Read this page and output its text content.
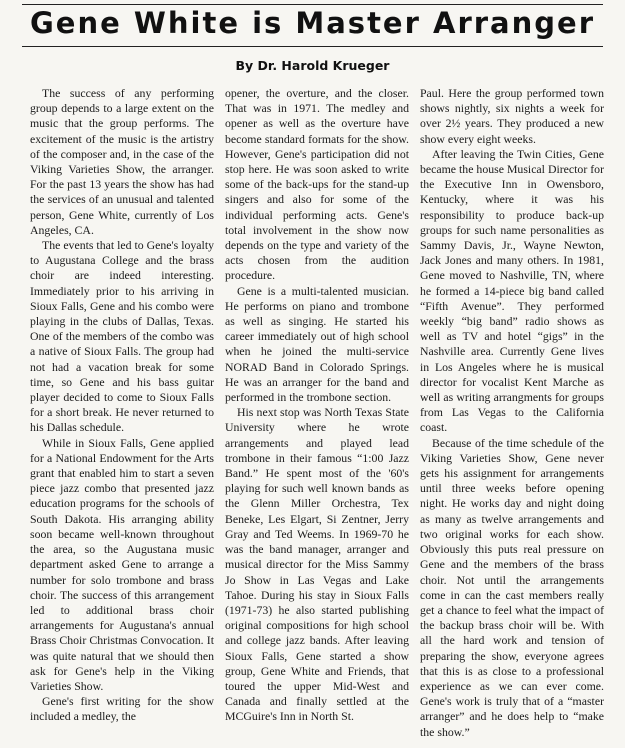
Gene White is Master Arranger
By Dr. Harold Krueger

The success of any performing group depends to a large extent on the music that the group performs. The excitement of the music is the artistry of the composer and, in the case of the Viking Varieties Show, the arranger. For the past 13 years the show has had the services of an unusual and talented person, Gene White, currently of Los Angeles, CA.

The events that led to Gene's loyalty to Augustana College and the brass choir are indeed interesting. Immediately prior to his arriving in Sioux Falls, Gene and his combo were playing in the clubs of Dallas, Texas. One of the members of the combo was a native of Sioux Falls. The group had not had a vacation break for some time, so Gene and his bass guitar player decided to come to Sioux Falls for a short break. He never returned to his Dallas schedule.

While in Sioux Falls, Gene applied for a National Endowment for the Arts grant that enabled him to start a seven piece jazz combo that presented jazz education programs for the schools of South Dakota. His arranging ability soon became well-known throughout the area, so the Augustana music department asked Gene to arrange a number for solo trombone and brass choir. The success of this arrangement led to additional brass choir arrangements for Augustana's annual Brass Choir Christmas Convocation. It was quite natural that we should then ask for Gene's help in the Viking Varieties Show.

Gene's first writing for the show included a medley, the

opener, the overture, and the closer. That was in 1971. The medley and opener as well as the overture have become standard formats for the show. However, Gene's participation did not stop here. He was soon asked to write some of the back-ups for the stand-up singers and also for some of the individual performing acts. Gene's total involvement in the show now depends on the type and variety of the acts chosen from the audition procedure.

Gene is a multi-talented musician. He performs on piano and trombone as well as singing. He started his career immediately out of high school when he joined the multi-service NORAD Band in Colorado Springs. He was an arranger for the band and performed in the trombone section.

His next stop was North Texas State University where he wrote arrangements and played lead trombone in their famous “1:00 Jazz Band.” He spent most of the '60's playing for such well known bands as the Glenn Miller Orchestra, Tex Beneke, Les Elgart, Si Zentner, Jerry Gray and Ted Weems. In 1969-70 he was the band manager, arranger and musical director for the Miss Sammy Jo Show in Las Vegas and Lake Tahoe. During his stay in Sioux Falls (1971-73) he also started publishing original compositions for high school and college jazz bands. After leaving Sioux Falls, Gene started a show group, Gene White and Friends, that toured the upper Mid-West and Canada and finally settled at the MCGuire's Inn in North St.

Paul. Here the group performed town shows nightly, six nights a week for over 2½ years. They produced a new show every eight weeks.

After leaving the Twin Cities, Gene became the house Musical Director for the Executive Inn in Owensboro, Kentucky, where it was his responsibility to produce back-up groups for such name personalities as Sammy Davis, Jr., Wayne Newton, Jack Jones and many others. In 1981, Gene moved to Nashville, TN, where he formed a 14-piece big band called “Fifth Avenue”. They performed weekly “big band” radio shows as well as TV and hotel “gigs” in the Nashville area. Currently Gene lives in Los Angeles where he is musical director for vocalist Kent Marche as well as writing arrangments for groups from Las Vegas to the California coast.

Because of the time schedule of the Viking Varieties Show, Gene never gets his assignment for arrangements until three weeks before opening night. He works day and night doing as many as twelve arrangements and two original works for each show. Obviously this puts real pressure on Gene and the members of the brass choir. Not until the arrangements come in can the cast members really get a chance to feel what the impact of the backup brass choir will be. With all the hard work and tension of preparing the show, everyone agrees that this is as close to a professional experience as we can ever come. Gene's work is truly that of a “master arranger” and he does help to “make the show.”
